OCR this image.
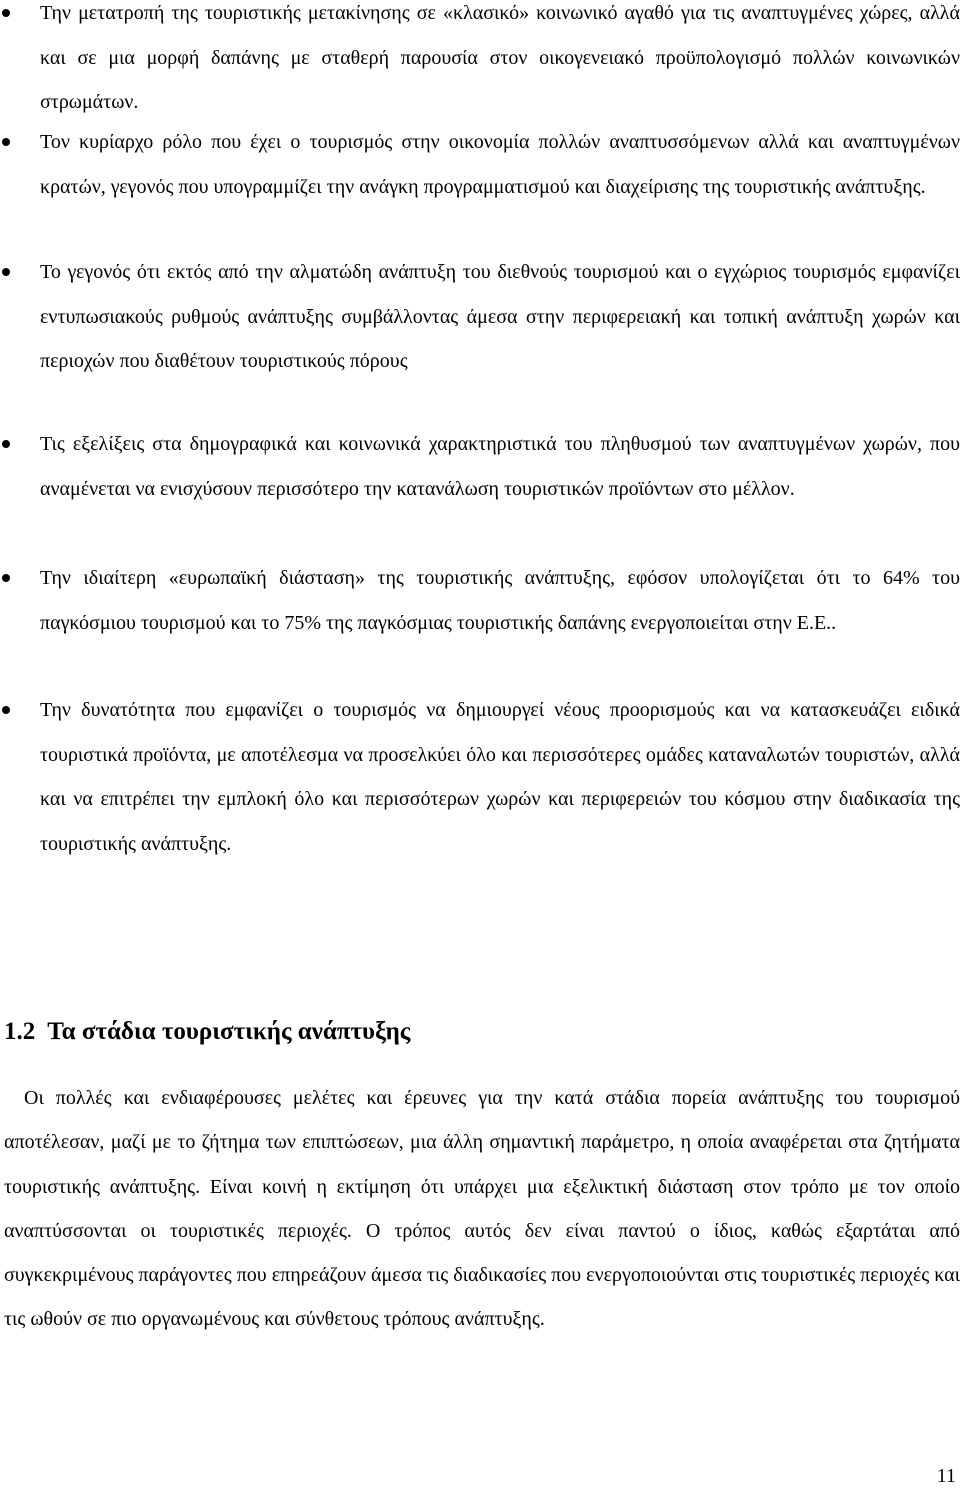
Την μετατροπή της τουριστικής μετακίνησης σε «κλασικό» κοινωνικό αγαθό για τις αναπτυγμένες χώρες, αλλά και σε μια μορφή δαπάνης με σταθερή παρουσία στον οικογενειακό προϋπολογισμό πολλών κοινωνικών στρωμάτων.

Τον κυρίαρχο ρόλο που έχει ο τουρισμός στην οικονομία πολλών αναπτυσσόμενων αλλά και αναπτυγμένων κρατών, γεγονός που υπογραμμίζει την ανάγκη προγραμματισμού και διαχείρισης της τουριστικής ανάπτυξης.

Το γεγονός ότι εκτός από την αλματώδη ανάπτυξη του διεθνούς τουρισμού και ο εγχώριος τουρισμός εμφανίζει εντυπωσιακούς ρυθμούς ανάπτυξης συμβάλλοντας άμεσα στην περιφερειακή και τοπική ανάπτυξη χωρών και περιοχών που διαθέτουν τουριστικούς πόρους

Τις εξελίξεις στα δημογραφικά και κοινωνικά χαρακτηριστικά του πληθυσμού των αναπτυγμένων χωρών, που αναμένεται να ενισχύσουν περισσότερο την κατανάλωση τουριστικών προϊόντων στο μέλλον.

Την ιδιαίτερη «ευρωπαϊκή διάσταση» της τουριστικής ανάπτυξης, εφόσον υπολογίζεται ότι το 64% του παγκόσμιου τουρισμού και το 75% της παγκόσμιας τουριστικής δαπάνης ενεργοποιείται στην Ε.Ε..

Την δυνατότητα που εμφανίζει ο τουρισμός να δημιουργεί νέους προορισμούς και να κατασκευάζει ειδικά τουριστικά προϊόντα, με αποτέλεσμα να προσελκύει όλο και περισσότερες ομάδες καταναλωτών τουριστών, αλλά και να επιτρέπει την εμπλοκή όλο και περισσότερων χωρών και περιφερειών του κόσμου στην διαδικασία της τουριστικής ανάπτυξης.

1.2 Τα στάδια τουριστικής ανάπτυξης

Οι πολλές και ενδιαφέρουσες μελέτες και έρευνες για την κατά στάδια πορεία ανάπτυξης του τουρισμού αποτέλεσαν, μαζί με το ζήτημα των επιπτώσεων, μια άλλη σημαντική παράμετρο, η οποία αναφέρεται στα ζητήματα τουριστικής ανάπτυξης. Είναι κοινή η εκτίμηση ότι υπάρχει μια εξελικτική διάσταση στον τρόπο με τον οποίο αναπτύσσονται οι τουριστικές περιοχές. Ο τρόπος αυτός δεν είναι παντού ο ίδιος, καθώς εξαρτάται από συγκεκριμένους παράγοντες που επηρεάζουν άμεσα τις διαδικασίες που ενεργοποιούνται στις τουριστικές περιοχές και τις ωθούν σε πιο οργανωμένους και σύνθετους τρόπους ανάπτυξης.

11
